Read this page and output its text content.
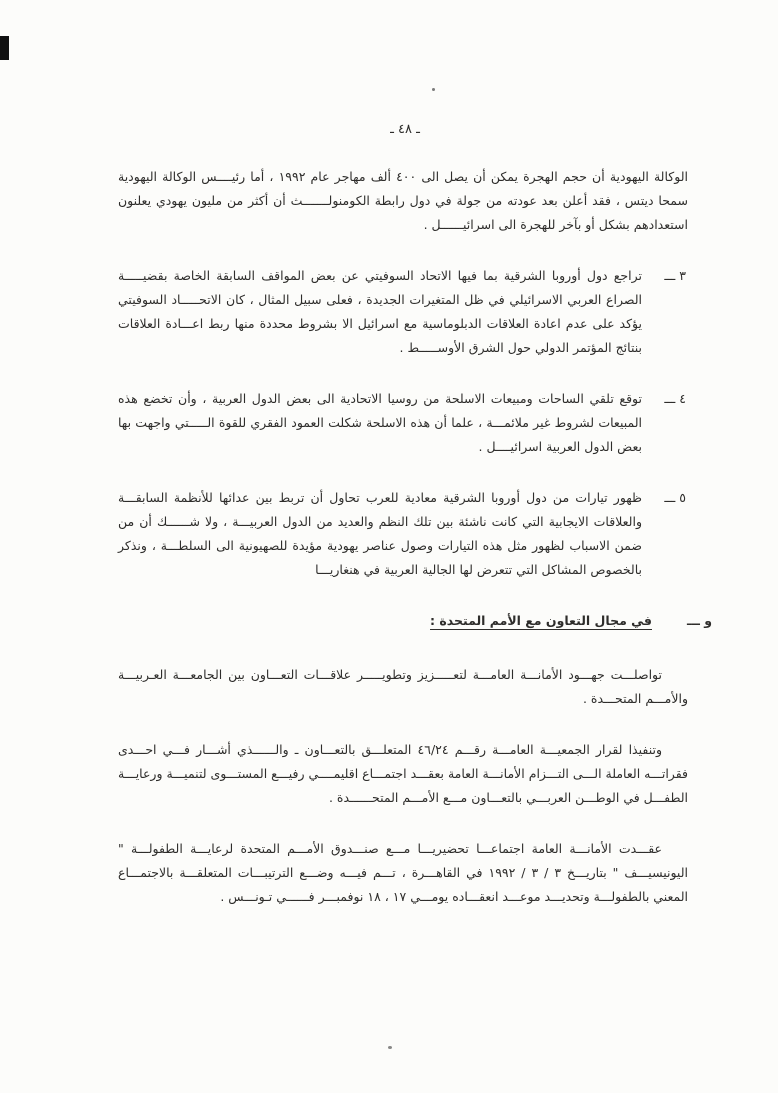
ـ ٤٨ ـ

الوكالة اليهودية أن حجم الهجرة يمكن أن يصل الى ٤٠٠ ألف مهاجر عام ١٩٩٢ ، أما رئيــــس الوكالة اليهودية سمحا ديتس ، فقد أعلن بعد عودته من جولة في دول رابطة الكومنولـــــــث أن أكثر من مليون يهودي يعلنون استعدادهم بشكل أو بآخر للهجرة الى اسرائيــــــل .

٣ ـــ
تراجع دول أوروبا الشرقية بما فيها الاتحاد السوفيتي عن بعض المواقف السابقة الخاصة بقضيـــــة الصراع العربي الاسرائيلي في ظل المتغيرات الجديدة ، فعلى سبيل المثال ، كان الاتحـــــاد السوفيتي يؤكد على عدم اعادة العلاقات الدبلوماسية مع اسرائيل الا بشروط محددة منها ربط اعـــادة العلاقات بنتائج المؤتمر الدولي حول الشرق الأوســـــط .

٤ ـــ
توقع تلقي الساحات ومبيعات الاسلحة من روسيا الاتحادية الى بعض الدول العربية ، وأن تخضع هذه المبيعات لشروط غير ملائمـــة ، علما أن هذه الاسلحة شكلت العمود الفقري للقوة الـــــتي واجهت بها بعض الدول العربية اسرائيــــل .

٥ ـــ
ظهور تيارات من دول أوروبا الشرقية معادية للعرب تحاول أن تربط بين عدائها للأنظمة السابقـــة والعلاقات الايجابية التي كانت ناشئة بين تلك النظم والعديد من الدول العربيـــة ، ولا شــــــك أن من ضمن الاسباب لظهور مثل هذه التيارات وصول عناصر يهودية مؤيدة للصهيونية الى السلطـــة ، ونذكر بالخصوص المشاكل التي تتعرض لها الجالية العربية في هنغاريـــا

و ـــ
في مجال التعاون مع الأمم المتحدة :

تواصلـــت جهـــود الأمانـــة العامـــة لتعـــــزيز وتطويـــــر علاقـــات التعـــاون بين الجامعـــة العـربيـــة والأمـــم المتحـــدة .

وتنفيذا لقرار الجمعيـــة العامـــة رقـــم ٤٦/٢٤ المتعلـــق بالتعـــاون ـ والــــــذي أشـــار فـــي احـــدى فقراتـــه العاملة الـــى التـــزام الأمانـــة العامة بعقـــد اجتمـــاع اقليمــــي رفيـــع المستـــوى لتنميـــة ورعايـــة الطفـــل في الوطـــن العربـــي بالتعـــاون مـــع الأمـــم المتحــــــدة .

عقـــدت الأمانـــة العامة اجتماعـــا تحضيريـــا مـــع صنـــدوق الأمـــم المتحدة لرعايـــة الطفولـــة " اليونيسيـــف " بتاريـــخ ٣ / ٣ / ١٩٩٢ في القاهـــرة ، تـــم فيـــه وضـــع الترتيبـــات المتعلقـــة بالاجتمـــاع المعني بالطفولـــة وتحديـــد موعـــد انعقـــاده يومـــي ١٧ ، ١٨ نوفمبـــر فــــــي تـونـــس .
